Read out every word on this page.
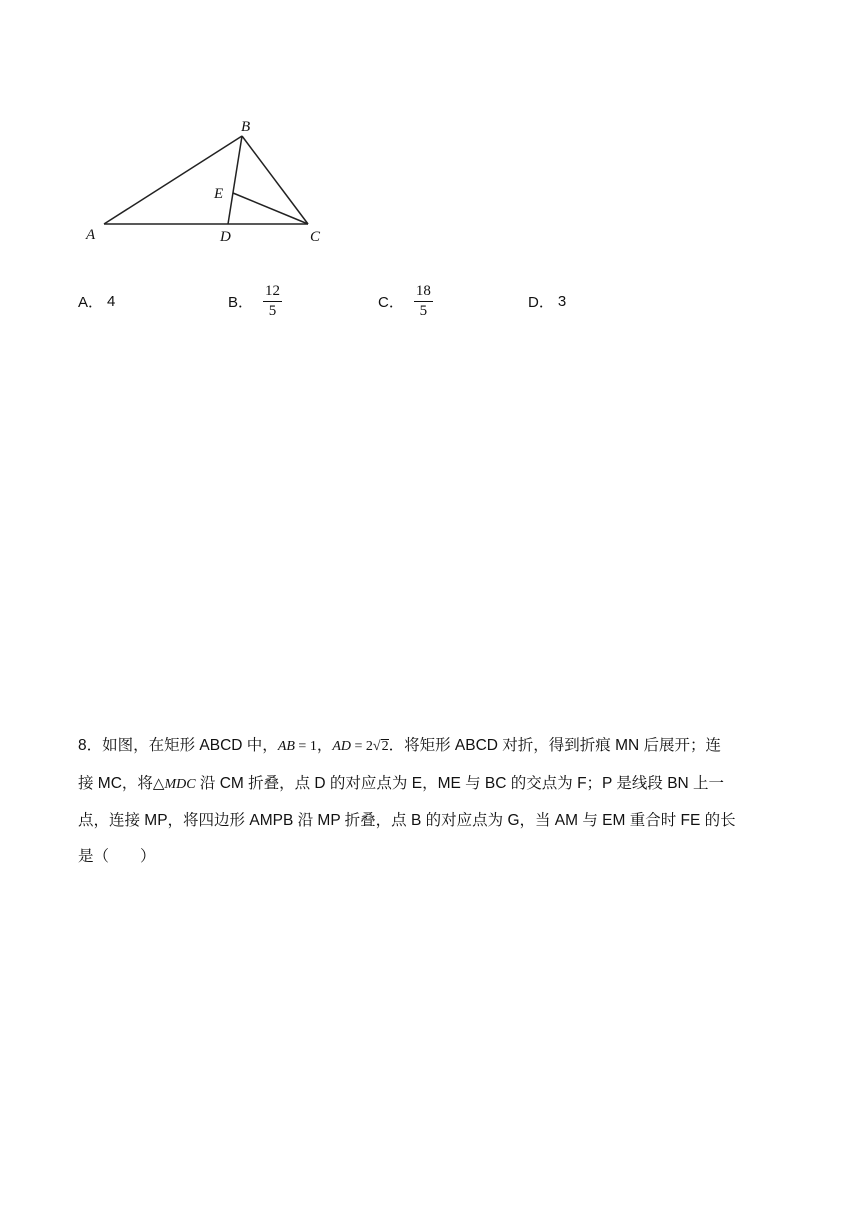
B
E
A	D	C
A． 4	B． $\frac{12}{5}$	C． $\frac{18}{5}$	D． 3

8．如图，在矩形 ABCD 中，AB = 1，AD = 2√2．将矩形 ABCD 对折，得到折痕 MN 后展开；连

接 MC，将△MDC 沿 CM 折叠，点 D 的对应点为 E，ME 与 BC 的交点为 F；P 是线段 BN 上一

点，连接 MP，将四边形 AMPB 沿 MP 折叠，点 B 的对应点为 G，当 AM 与 EM 重合时 FE 的长

是（　　）
